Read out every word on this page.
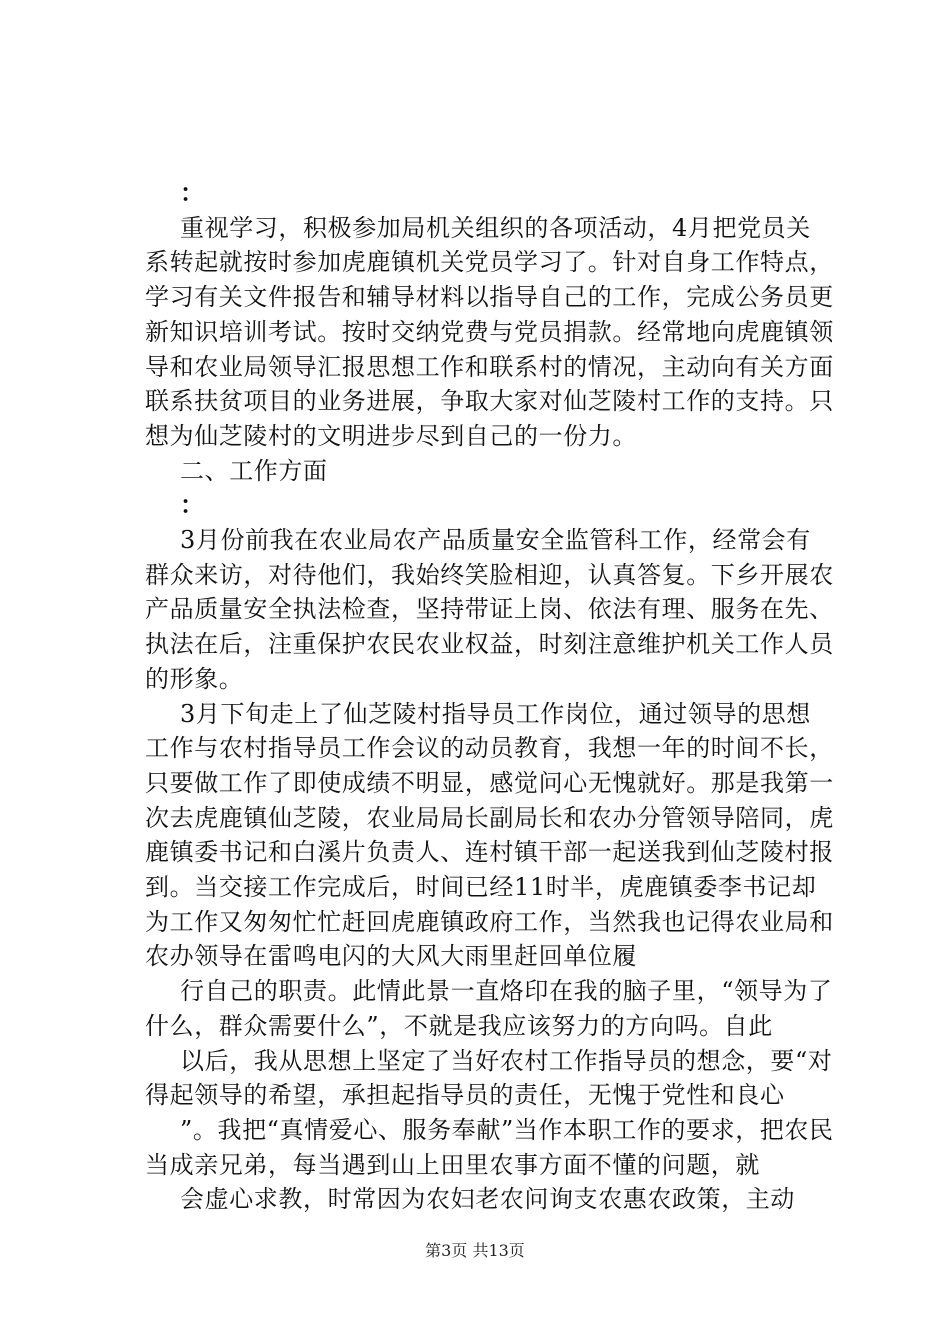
：

重视学习，积极参加局机关组织的各项活动，4月把党员关系转起就按时参加虎鹿镇机关党员学习了。针对自身工作特点，学习有关文件报告和辅导材料以指导自己的工作，完成公务员更新知识培训考试。按时交纳党费与党员捐款。经常地向虎鹿镇领导和农业局领导汇报思想工作和联系村的情况，主动向有关方面联系扶贫项目的业务进展，争取大家对仙芝陵村工作的支持。只想为仙芝陵村的文明进步尽到自己的一份力。

二、工作方面

：

3月份前我在农业局农产品质量安全监管科工作，经常会有群众来访，对待他们，我始终笑脸相迎，认真答复。下乡开展农产品质量安全执法检查，坚持带证上岗、依法有理、服务在先、执法在后，注重保护农民农业权益，时刻注意维护机关工作人员的形象。

3月下旬走上了仙芝陵村指导员工作岗位，通过领导的思想工作与农村指导员工作会议的动员教育，我想一年的时间不长，只要做工作了即使成绩不明显，感觉问心无愧就好。那是我第一次去虎鹿镇仙芝陵，农业局局长副局长和农办分管领导陪同，虎鹿镇委书记和白溪片负责人、连村镇干部一起送我到仙芝陵村报到。当交接工作完成后，时间已经11时半，虎鹿镇委李书记却为工作又匆匆忙忙赶回虎鹿镇政府工作，当然我也记得农业局和农办领导在雷鸣电闪的大风大雨里赶回单位履

行自己的职责。此情此景一直烙印在我的脑子里，“领导为了什么，群众需要什么”，不就是我应该努力的方向吗。自此

以后，我从思想上坚定了当好农村工作指导员的想念，要“对得起领导的希望，承担起指导员的责任，无愧于党性和良心

”。我把“真情爱心、服务奉献”当作本职工作的要求，把农民当成亲兄弟，每当遇到山上田里农事方面不懂的问题，就

会虚心求教，时常因为农妇老农问询支农惠农政策，主动

第3页 共13页
